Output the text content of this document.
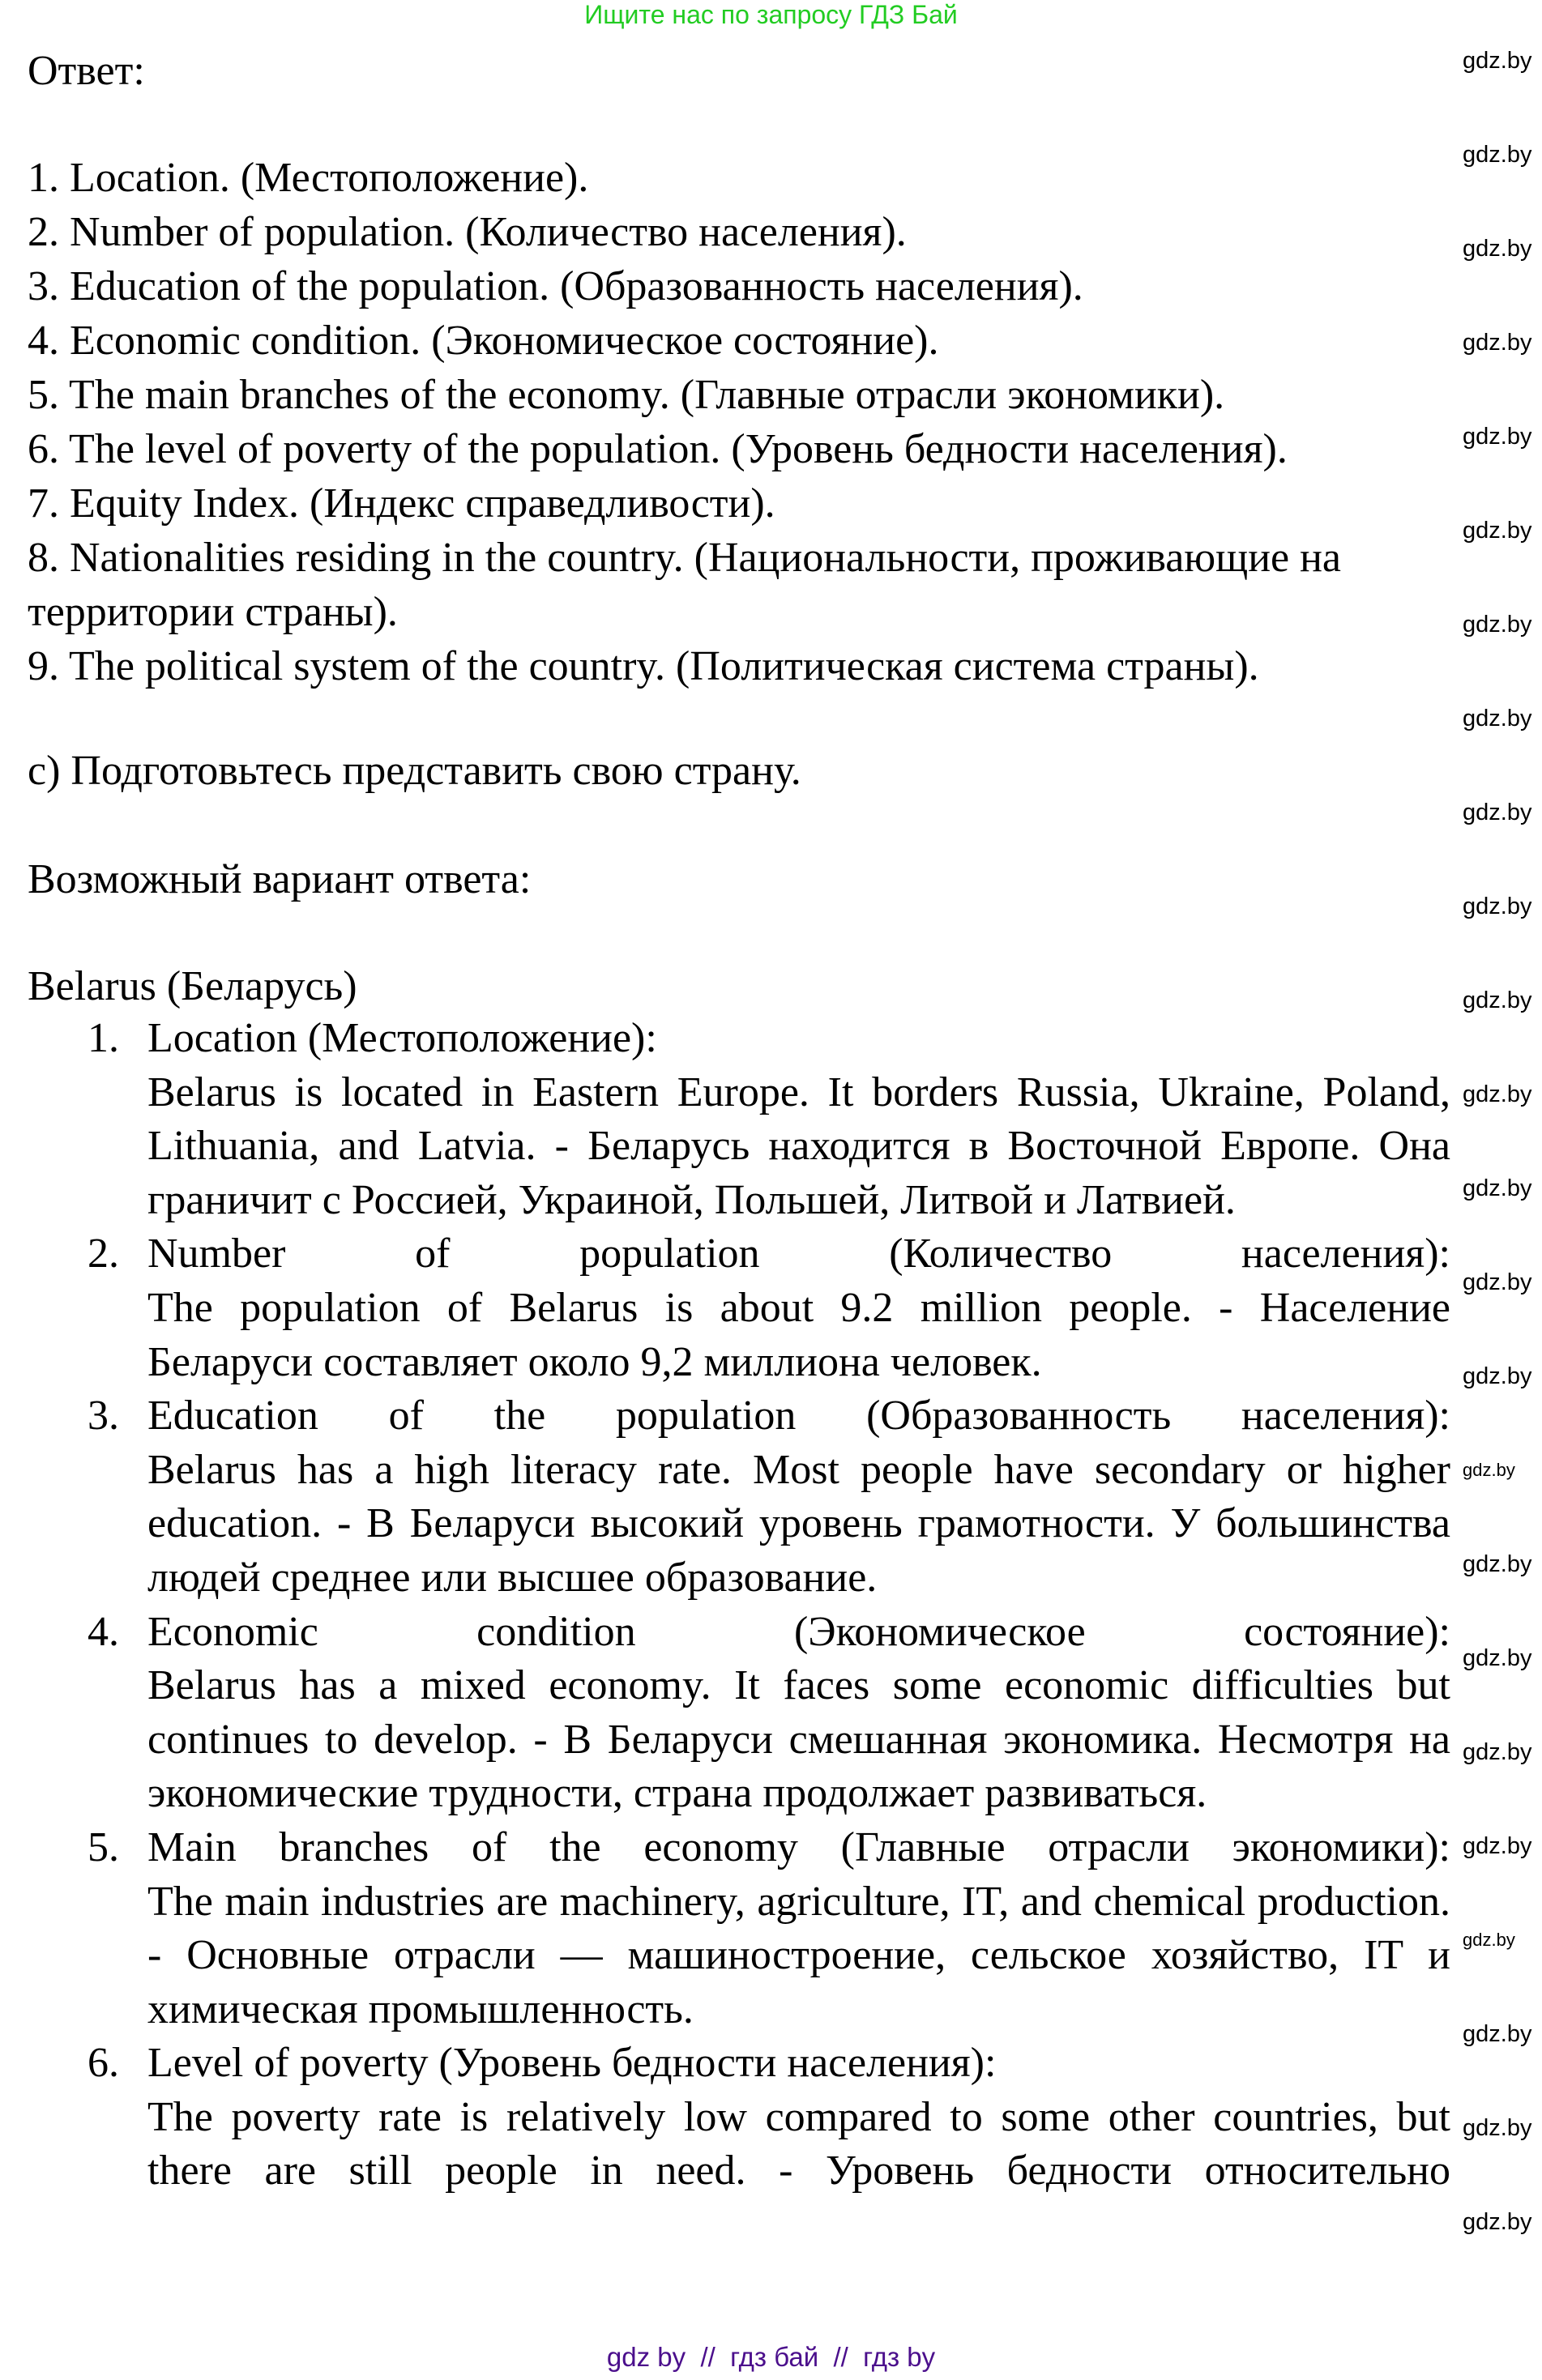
Ищите нас по запросу ГДЗ Бай
Ответ:
1. Location. (Местоположение).
2. Number of population. (Количество населения).
3. Education of the population. (Образованность населения).
4. Economic condition. (Экономическое состояние).
5. The main branches of the economy. (Главные отрасли экономики).
6. The level of poverty of the population. (Уровень бедности населения).
7. Equity Index. (Индекс справедливости).
8. Nationalities residing in the country. (Национальности, проживающие на территории страны).
9. The political system of the country. (Политическая система страны).
c) Подготовьтесь представить свою страну.
Возможный вариант ответа:
Belarus (Беларусь)
1. Location (Местоположение):
Belarus is located in Eastern Europe. It borders Russia, Ukraine, Poland, Lithuania, and Latvia. - Беларусь находится в Восточной Европе. Она граничит с Россией, Украиной, Польшей, Литвой и Латвией.
2. Number of population (Количество населения):
The population of Belarus is about 9.2 million people. - Население Беларуси составляет около 9,2 миллиона человек.
3. Education of the population (Образованность населения):
Belarus has a high literacy rate. Most people have secondary or higher education. - В Беларуси высокий уровень грамотности. У большинства людей среднее или высшее образование.
4. Economic condition (Экономическое состояние):
Belarus has a mixed economy. It faces some economic difficulties but continues to develop. - В Беларуси смешанная экономика. Несмотря на экономические трудности, страна продолжает развиваться.
5. Main branches of the economy (Главные отрасли экономики):
The main industries are machinery, agriculture, IT, and chemical production. - Основные отрасли — машиностроение, сельское хозяйство, IT и химическая промышленность.
6. Level of poverty (Уровень бедности населения):
The poverty rate is relatively low compared to some other countries, but there are still people in need. - Уровень бедности относительно
gdz.by
gdz.by
gdz.by
gdz.by
gdz.by
gdz.by
gdz.by
gdz.by
gdz.by
gdz.by
gdz.by
gdz.by
gdz.by
gdz.by
gdz.by
gdz.by
gdz.by
gdz.by
gdz.by
gdz.by
gdz.by
gdz.by
gdz.by
gdz.by
gdz by  //  гдз бай  //  гдз by
